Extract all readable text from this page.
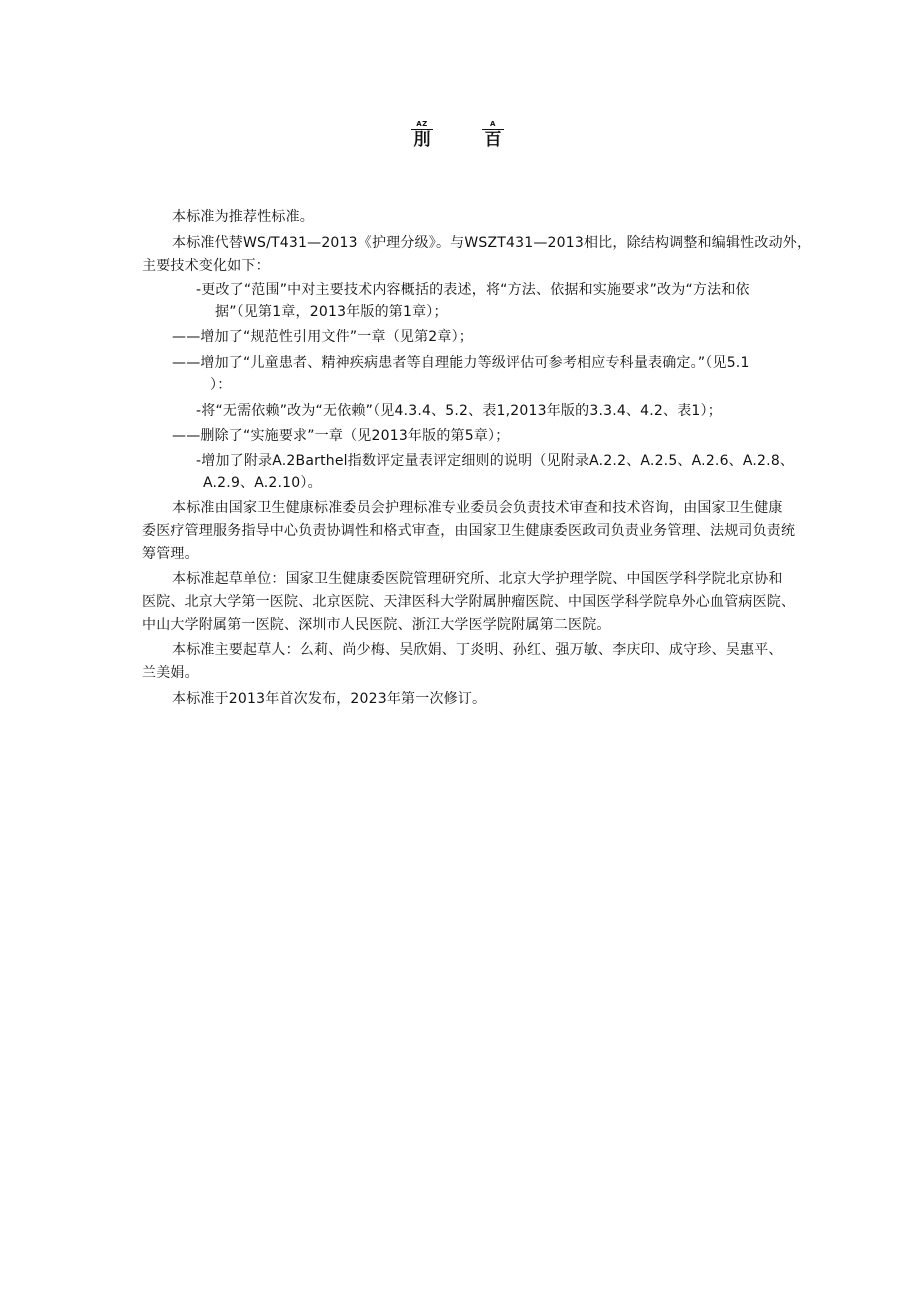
AZ
刖
A
百
本标准为推荐性标准。
本标准代替WS/T431—2013《护理分级》。与WSZT431—2013相比，除结构调整和编辑性改动外，
主要技术变化如下：
-更改了“范围”中对主要技术内容概括的表述，将“方法、依据和实施要求”改为“方法和依
据”（见第1章，2013年版的第1章）；
——增加了“规范性引用文件”一章（见第2章）；
——增加了“儿童患者、精神疾病患者等自理能力等级评估可参考相应专科量表确定。”（见5.1
）：
-将“无需依赖”改为“无依赖”（见4.3.4、5.2、表1,2013年版的3.3.4、4.2、表1）；
——删除了“实施要求”一章（见2013年版的第5章）；
-增加了附录A.2Barthel指数评定量表评定细则的说明（见附录A.2.2、A.2.5、A.2.6、A.2.8、
A.2.9、A.2.10）。
本标准由国家卫生健康标准委员会护理标准专业委员会负责技术审查和技术咨询，由国家卫生健康
委医疗管理服务指导中心负责协调性和格式审查，由国家卫生健康委医政司负责业务管理、法规司负责统
筹管理。
本标准起草单位：国家卫生健康委医院管理研究所、北京大学护理学院、中国医学科学院北京协和
医院、北京大学第一医院、北京医院、天津医科大学附属肿瘤医院、中国医学科学院阜外心血管病医院、
中山大学附属第一医院、深圳市人民医院、浙江大学医学院附属第二医院。
本标准主要起草人：么莉、尚少梅、吴欣娟、丁炎明、孙红、强万敏、李庆印、成守珍、吴惠平、
兰美娟。
本标准于2013年首次发布，2023年第一次修订。
